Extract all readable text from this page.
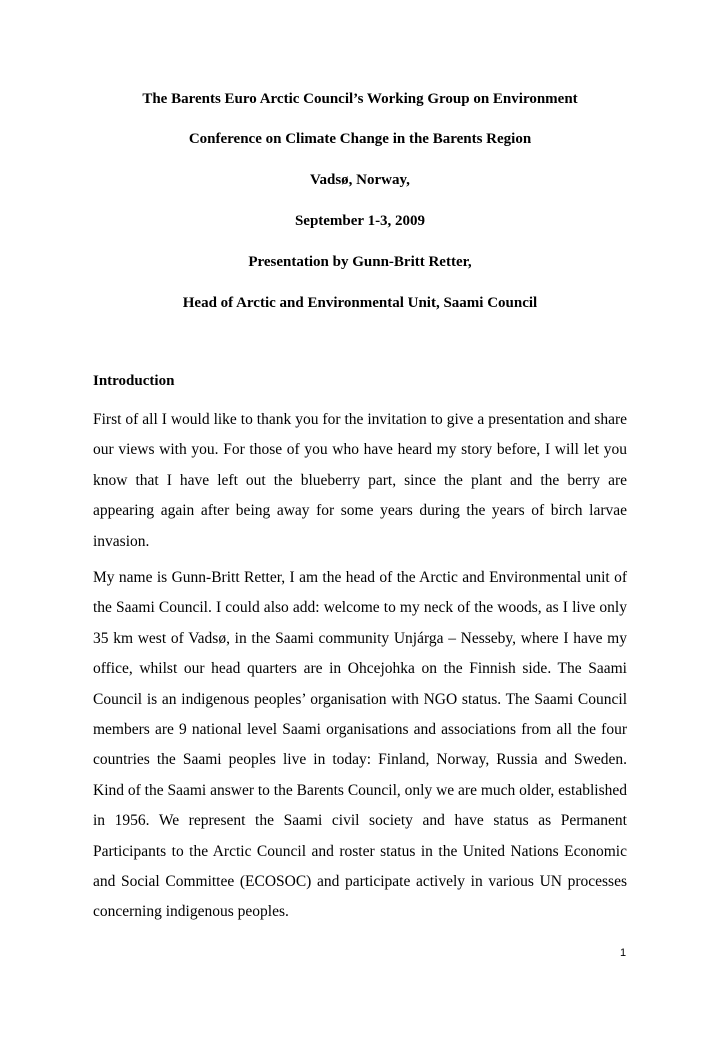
The Barents Euro Arctic Council’s Working Group on Environment
Conference on Climate Change in the Barents Region
Vadsø, Norway,
September 1-3, 2009
Presentation by Gunn-Britt Retter,
Head of Arctic and Environmental Unit, Saami Council
Introduction

First of all I would like to thank you for the invitation to give a presentation and share our views with you. For those of you who have heard my story before, I will let you know that I have left out the blueberry part, since the plant and the berry are appearing again after being away for some years during the years of birch larvae invasion.

My name is Gunn-Britt Retter, I am the head of the Arctic and Environmental unit of the Saami Council. I could also add: welcome to my neck of the woods, as I live only 35 km west of Vadsø, in the Saami community Unjárga – Nesseby, where I have my office, whilst our head quarters are in Ohcejohka on the Finnish side. The Saami Council is an indigenous peoples’ organisation with NGO status. The Saami Council members are 9 national level Saami organisations and associations from all the four countries the Saami peoples live in today: Finland, Norway, Russia and Sweden. Kind of the Saami answer to the Barents Council, only we are much older, established in 1956. We represent the Saami civil society and have status as Permanent Participants to the Arctic Council and roster status in the United Nations Economic and Social Committee (ECOSOC) and participate actively in various UN processes concerning indigenous peoples.

1
